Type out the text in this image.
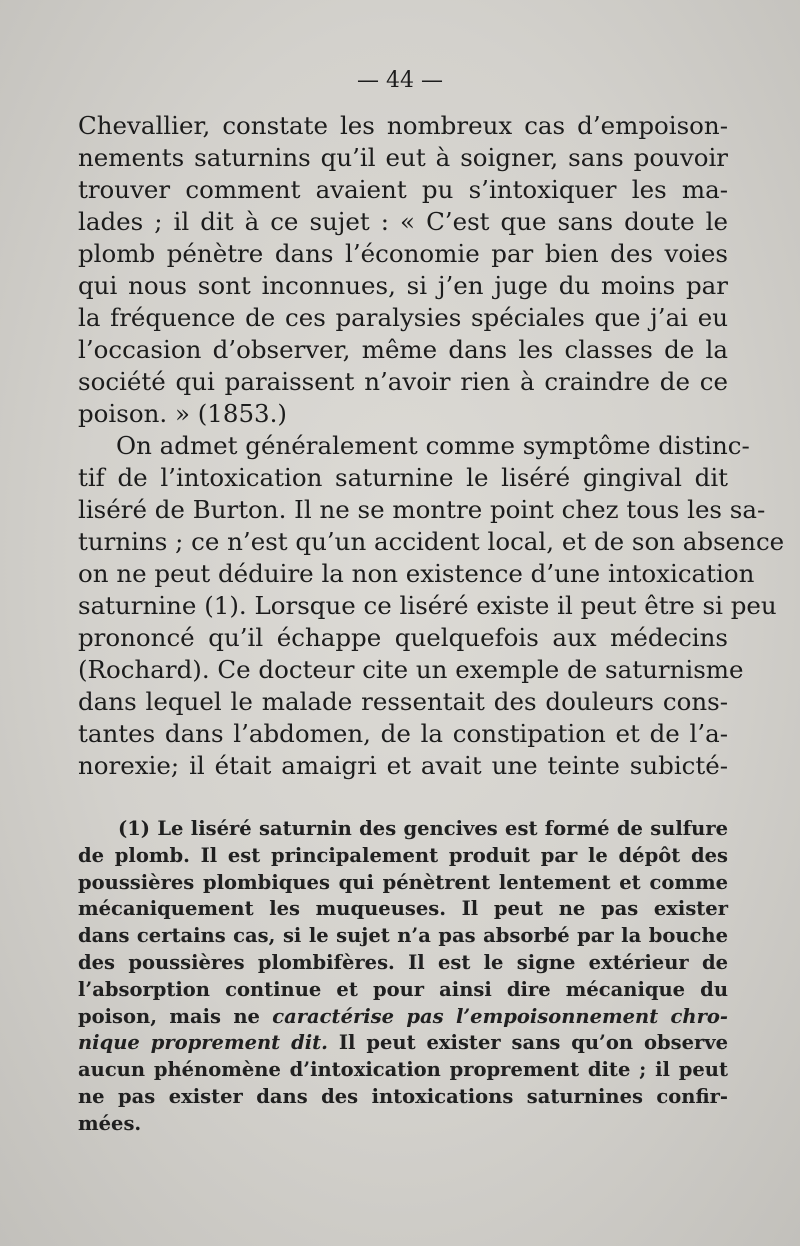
— 44 —
Chevallier, constate les nombreux cas d’empoison-
nements saturnins qu’il eut à soigner, sans pouvoir
trouver comment avaient pu s’intoxiquer les ma-
lades ; il dit à ce sujet : « C’est que sans doute le
plomb pénètre dans l’économie par bien des voies
qui nous sont inconnues, si j’en juge du moins par
la fréquence de ces paralysies spéciales que j’ai eu
l’occasion d’observer, même dans les classes de la
société qui paraissent n’avoir rien à craindre de ce
poison. » (1853.)
On admet généralement comme symptôme distinc-
tif de l’intoxication saturnine le liséré gingival dit
liséré de Burton. Il ne se montre point chez tous les sa-
turnins ; ce n’est qu’un accident local, et de son absence
on ne peut déduire la non existence d’une intoxication
saturnine (1). Lorsque ce liséré existe il peut être si peu
prononcé qu’il échappe quelquefois aux médecins
(Rochard). Ce docteur cite un exemple de saturnisme
dans lequel le malade ressentait des douleurs cons-
tantes dans l’abdomen, de la constipation et de l’a-
norexie; il était amaigri et avait une teinte subicté-
(1) Le liséré saturnin des gencives est formé de sulfure
de plomb. Il est principalement produit par le dépôt des
poussières plombiques qui pénètrent lentement et comme
mécaniquement les muqueuses. Il peut ne pas exister
dans certains cas, si le sujet n’a pas absorbé par la bouche
des poussières plombifères. Il est le signe extérieur de
l’absorption continue et pour ainsi dire mécanique du
poison, mais ne caractérise pas l’empoisonnement chro-
nique proprement dit. Il peut exister sans qu’on observe
aucun phénomène d’intoxication proprement dite ; il peut
ne pas exister dans des intoxications saturnines confir-
mées.
